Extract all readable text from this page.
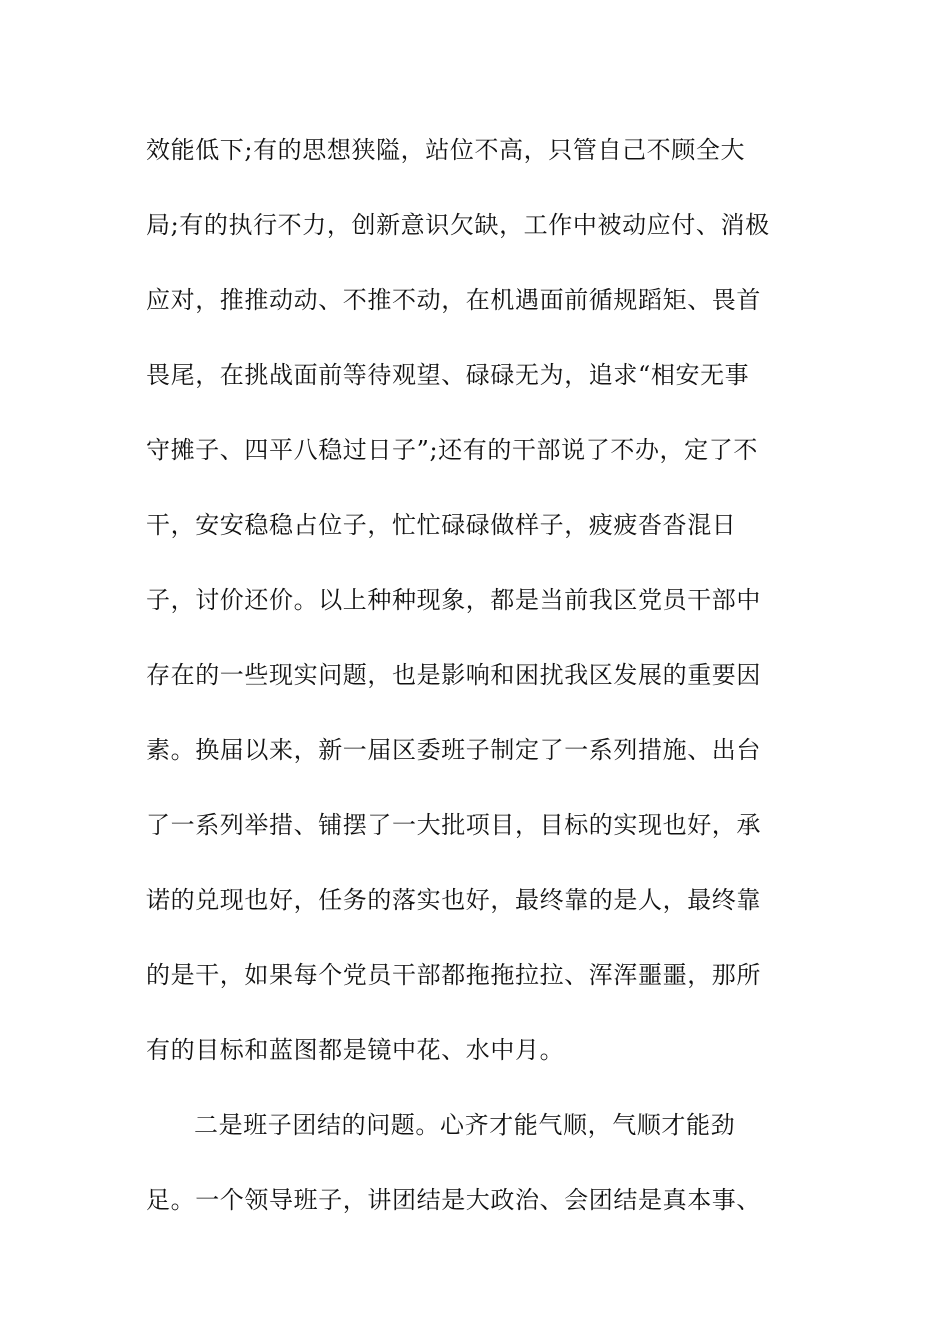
效能低下;有的思想狭隘，站位不高，只管自己不顾全大
局;有的执行不力，创新意识欠缺，工作中被动应付、消极
应对，推推动动、不推不动，在机遇面前循规蹈矩、畏首
畏尾，在挑战面前等待观望、碌碌无为，追求“相安无事
守摊子、四平八稳过日子”;还有的干部说了不办，定了不
干，安安稳稳占位子，忙忙碌碌做样子，疲疲沓沓混日
子，讨价还价。以上种种现象，都是当前我区党员干部中
存在的一些现实问题，也是影响和困扰我区发展的重要因
素。换届以来，新一届区委班子制定了一系列措施、出台
了一系列举措、铺摆了一大批项目，目标的实现也好，承
诺的兑现也好，任务的落实也好，最终靠的是人，最终靠
的是干，如果每个党员干部都拖拖拉拉、浑浑噩噩，那所
有的目标和蓝图都是镜中花、水中月。
二是班子团结的问题。心齐才能气顺，气顺才能劲
足。一个领导班子，讲团结是大政治、会团结是真本事、
